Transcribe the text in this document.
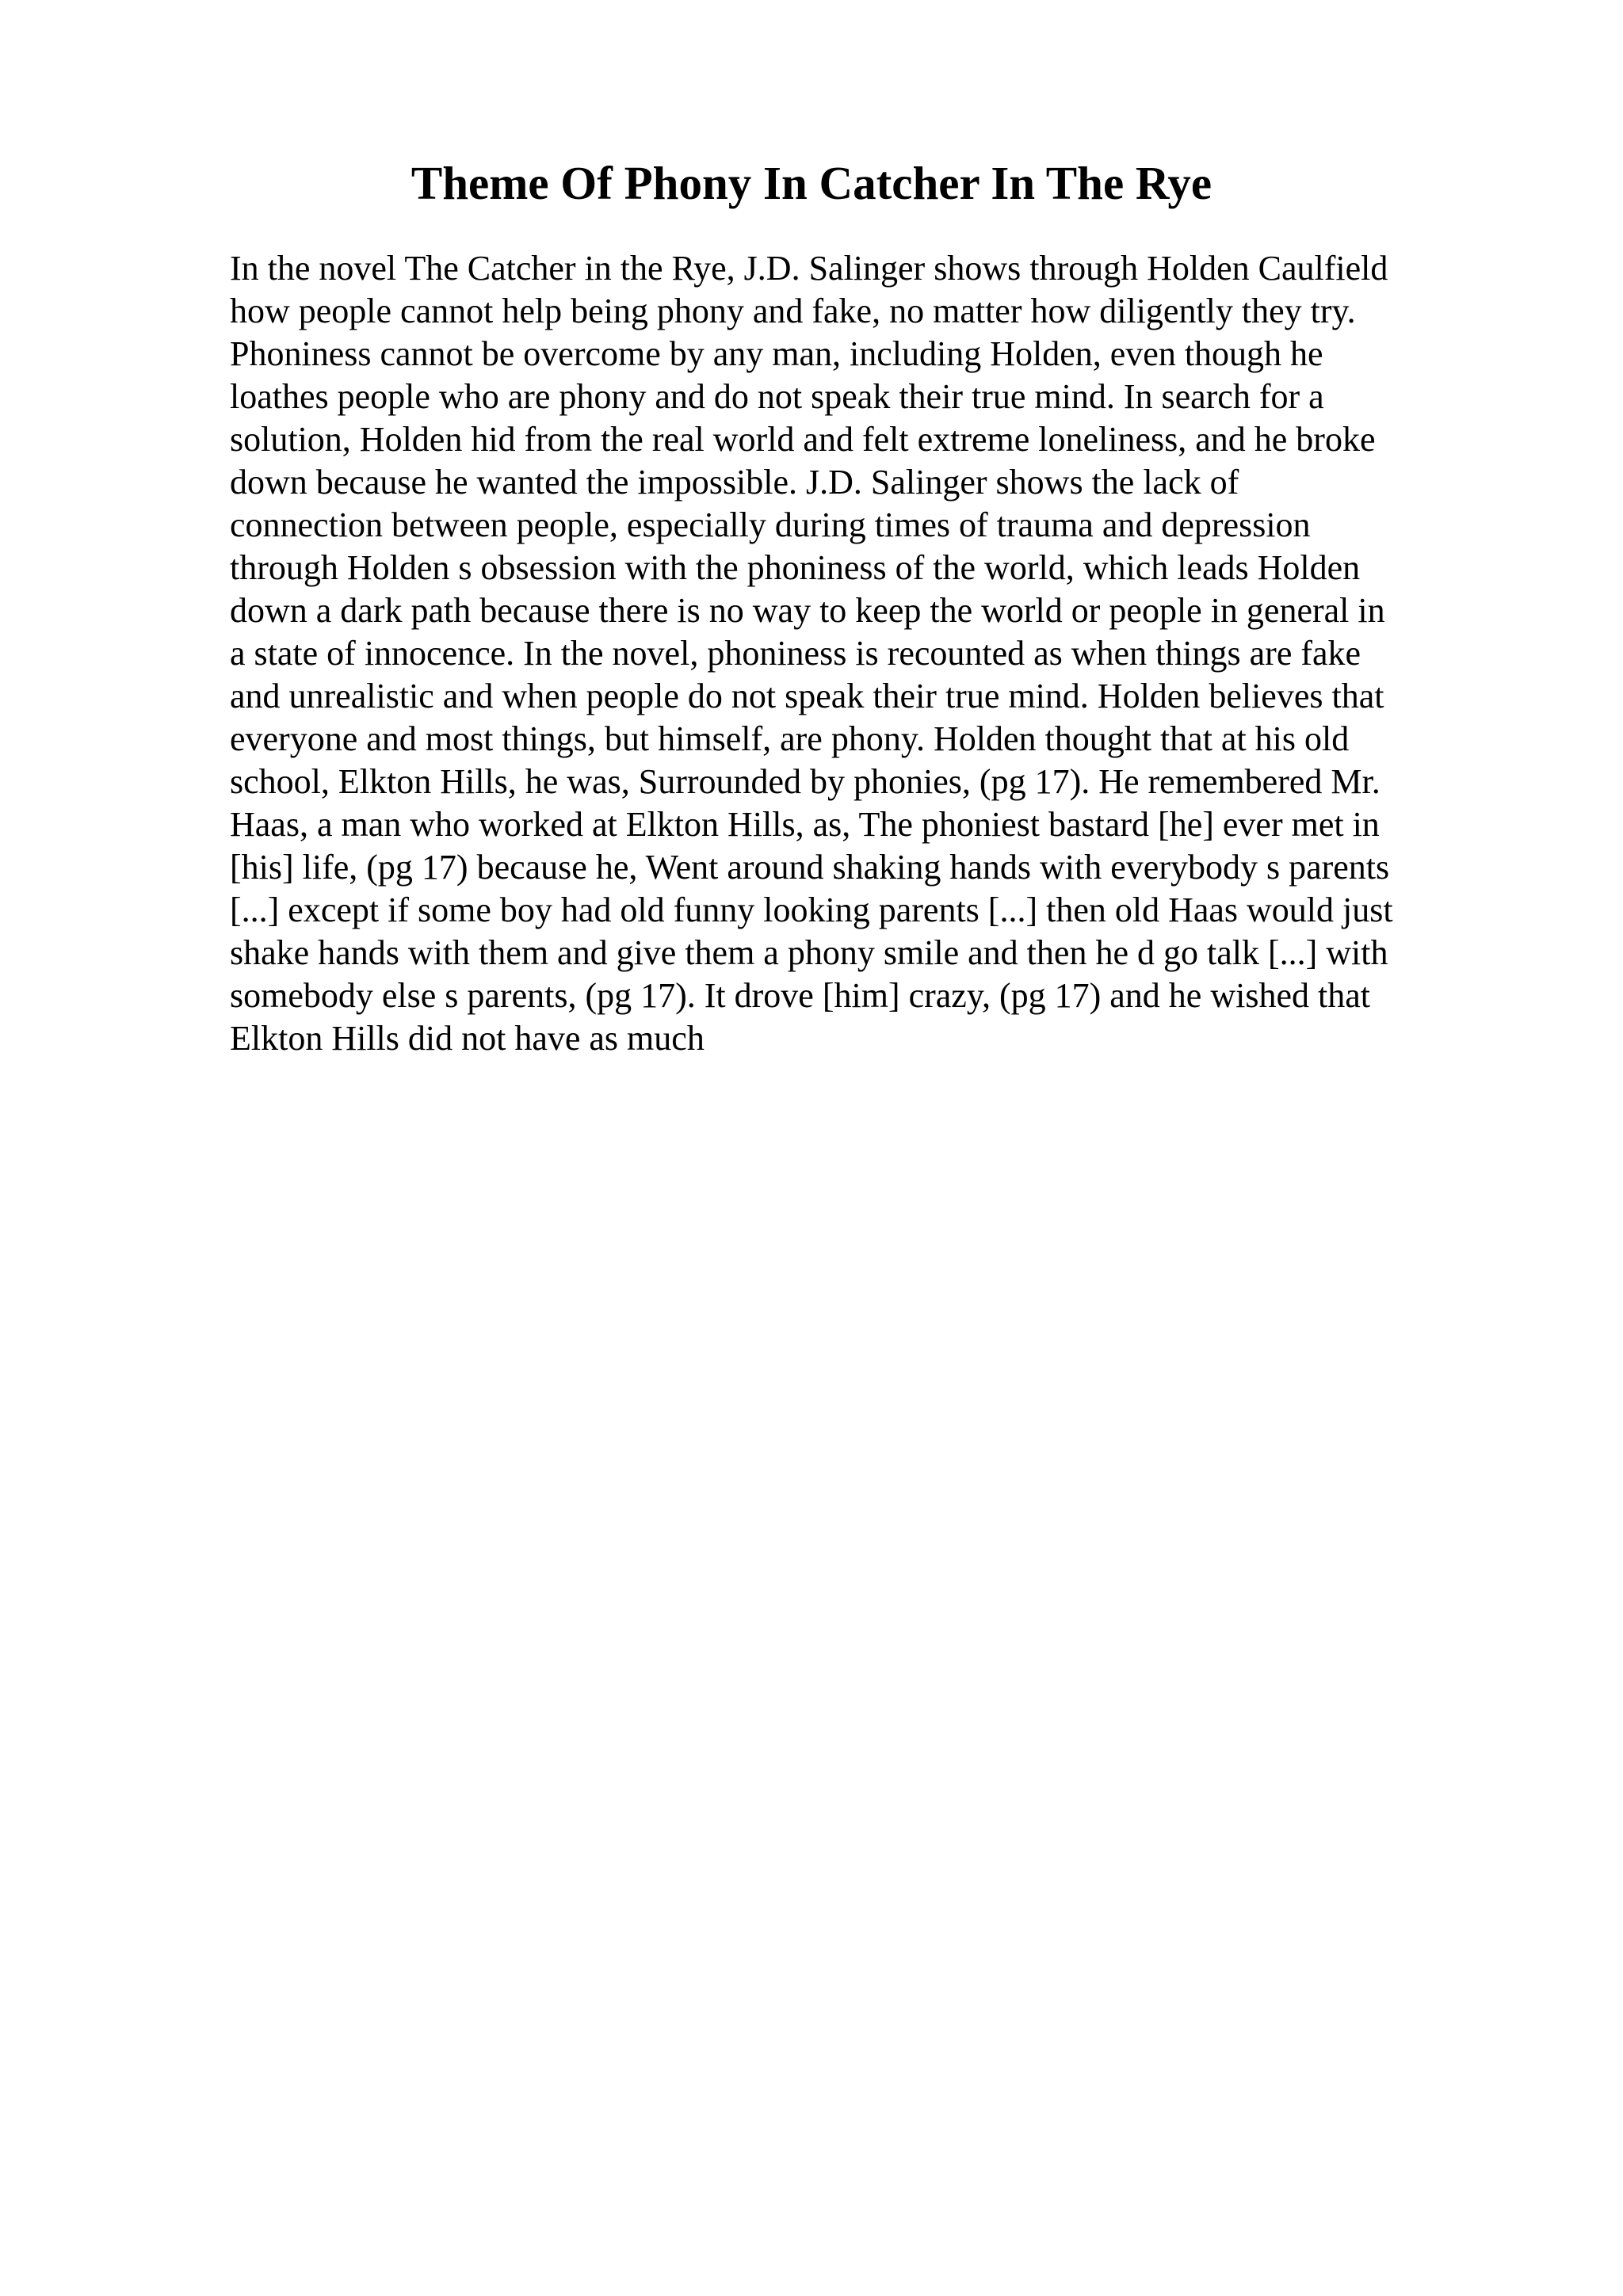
Theme Of Phony In Catcher In The Rye

In the novel The Catcher in the Rye, J.D. Salinger shows through Holden Caulfield
how people cannot help being phony and fake, no matter how diligently they try.
Phoniness cannot be overcome by any man, including Holden, even though he
loathes people who are phony and do not speak their true mind. In search for a
solution, Holden hid from the real world and felt extreme loneliness, and he broke
down because he wanted the impossible. J.D. Salinger shows the lack of
connection between people, especially during times of trauma and depression
through Holden s obsession with the phoniness of the world, which leads Holden
down a dark path because there is no way to keep the world or people in general in
a state of innocence. In the novel, phoniness is recounted as when things are fake
and unrealistic and when people do not speak their true mind. Holden believes that
everyone and most things, but himself, are phony. Holden thought that at his old
school, Elkton Hills, he was, Surrounded by phonies, (pg 17). He remembered Mr.
Haas, a man who worked at Elkton Hills, as, The phoniest bastard [he] ever met in
[his] life, (pg 17) because he, Went around shaking hands with everybody s parents
[...] except if some boy had old funny looking parents [...] then old Haas would just
shake hands with them and give them a phony smile and then he d go talk [...] with
somebody else s parents, (pg 17). It drove [him] crazy, (pg 17) and he wished that
Elkton Hills did not have as much
